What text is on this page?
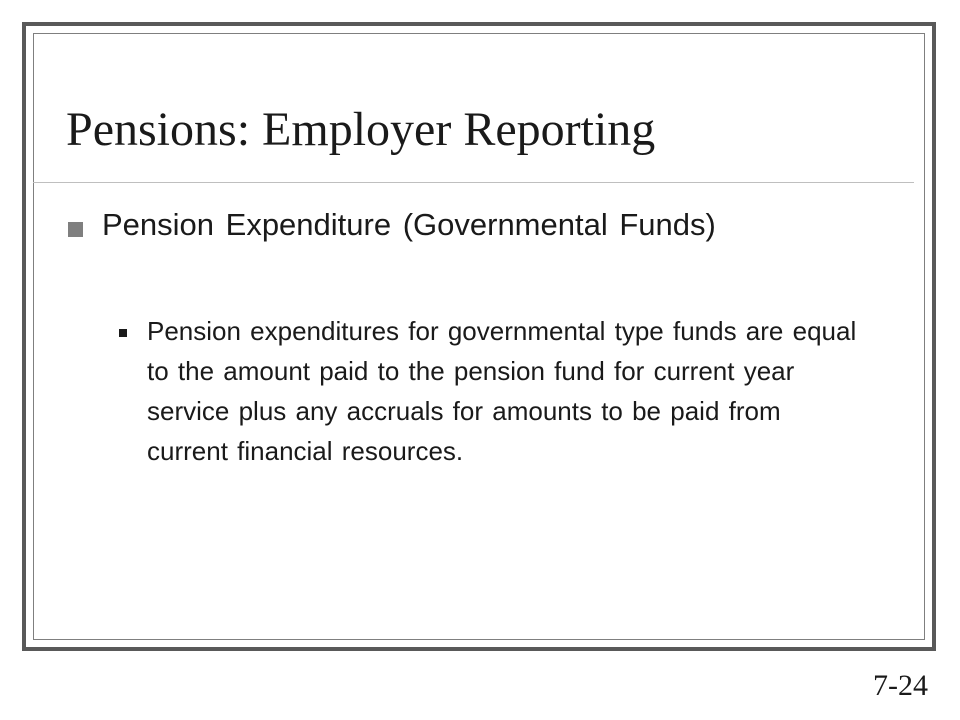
Pensions: Employer Reporting

Pension Expenditure (Governmental Funds)

Pension expenditures for governmental type funds are equal to the amount paid to the pension fund for current year service plus any accruals for amounts to be paid from current financial resources.

7-24
